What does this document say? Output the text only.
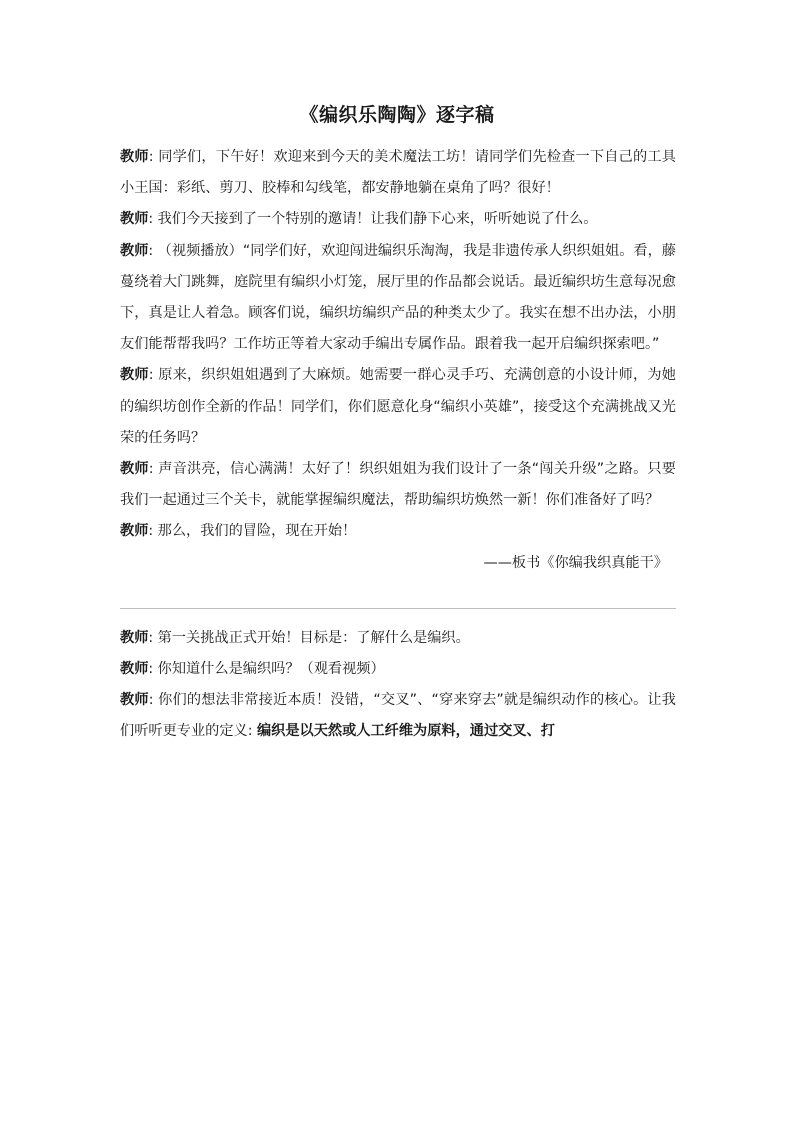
《编织乐陶陶》逐字稿

教师: 同学们，下午好！欢迎来到今天的美术魔法工坊！请同学们先检查一下自己的工具小王国：彩纸、剪刀、胶棒和勾线笔，都安静地躺在桌角了吗？很好！

教师: 我们今天接到了一个特别的邀请！让我们静下心来，听听她说了什么。

教师: （视频播放）“同学们好，欢迎闯进编织乐淘淘，我是非遗传承人织织姐姐。看，藤蔓绕着大门跳舞，庭院里有编织小灯笼，展厅里的作品都会说话。最近编织坊生意每况愈下，真是让人着急。顾客们说，编织坊编织产品的种类太少了。我实在想不出办法，小朋友们能帮帮我吗？工作坊正等着大家动手编出专属作品。跟着我一起开启编织探索吧。”

教师: 原来，织织姐姐遇到了大麻烦。她需要一群心灵手巧、充满创意的小设计师，为她的编织坊创作全新的作品！同学们，你们愿意化身“编织小英雄”，接受这个充满挑战又光荣的任务吗？

教师: 声音洪亮，信心满满！太好了！织织姐姐为我们设计了一条“闯关升级”之路。只要我们一起通过三个关卡，就能掌握编织魔法，帮助编织坊焕然一新！你们准备好了吗？

教师: 那么，我们的冒险，现在开始！

——板书《你编我织真能干》

教师: 第一关挑战正式开始！目标是：了解什么是编织。

教师: 你知道什么是编织吗？（观看视频）

教师: 你们的想法非常接近本质！没错，“交叉”、“穿来穿去”就是编织动作的核心。让我们听听更专业的定义: 编织是以天然或人工纤维为原料，通过交叉、打
